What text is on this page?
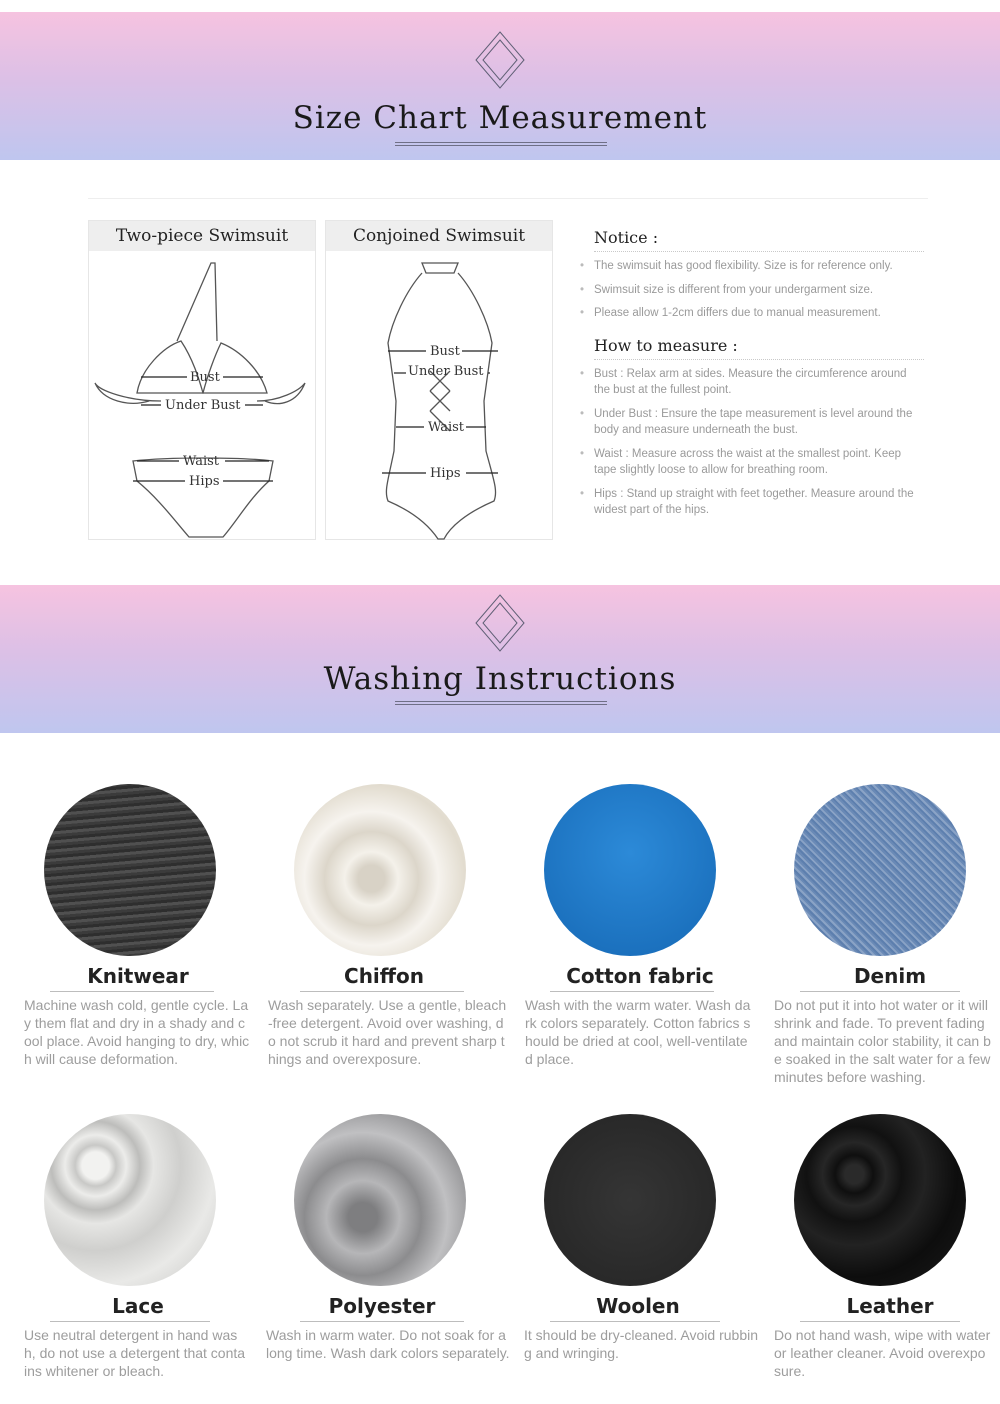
Size Chart Measurement
Two-piece Swimsuit
Bust
Under Bust
Waist
Hips
Conjoined Swimsuit
Bust
Under Bust
Waist
Hips
Notice :
• The swimsuit has good flexibility. Size is for reference only.
• Swimsuit size is different from your undergarment size.
• Please allow 1-2cm differs due to manual measurement.
How to measure :
• Bust : Relax arm at sides. Measure the circumference around the bust at the fullest point.
• Under Bust : Ensure the tape measurement is level around the body and measure underneath the bust.
• Waist : Measure across the waist at the smallest point. Keep tape slightly loose to allow for breathing room.
• Hips : Stand up straight with feet together. Measure around the widest part of the hips.
Washing Instructions
Knitwear
Machine wash cold, gentle cycle. Lay them flat and dry in a shady and cool place. Avoid hanging to dry, which will cause deformation.
Chiffon
Wash separately. Use a gentle, bleach-free detergent. Avoid over washing, do not scrub it hard and prevent sharp things and overexposure.
Cotton fabric
Wash with the warm water. Wash dark colors separately. Cotton fabrics should be dried at cool, well-ventilated place.
Denim
Do not put it into hot water or it will shrink and fade. To prevent fading and maintain color stability, it can be soaked in the salt water for a few minutes before washing.
Lace
Use neutral detergent in hand wash, do not use a detergent that contains whitener or bleach.
Polyester
Wash in warm water. Do not soak for a long time. Wash dark colors separately.
Woolen
It should be dry-cleaned. Avoid rubbing and wringing.
Leather
Do not hand wash, wipe with water or leather cleaner. Avoid overexposure.
